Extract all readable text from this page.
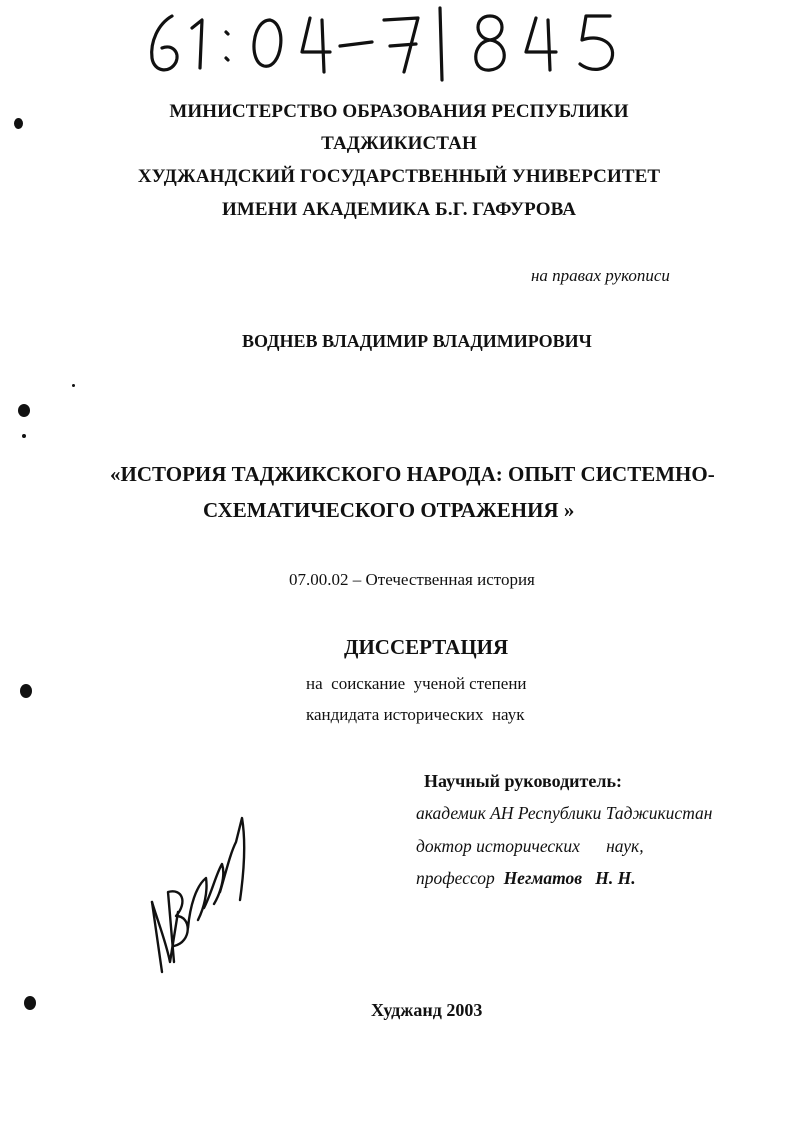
МИНИСТЕРСТВО ОБРАЗОВАНИЯ РЕСПУБЛИКИ
ТАДЖИКИСТАН
ХУДЖАНДСКИЙ ГОСУДАРСТВЕННЫЙ УНИВЕРСИТЕТ
ИМЕНИ АКАДЕМИКА Б.Г. ГАФУРОВА
на правах рукописи
ВОДНЕВ ВЛАДИМИР ВЛАДИМИРОВИЧ
«ИСТОРИЯ ТАДЖИКСКОГО НАРОДА: ОПЫТ СИСТЕМНО-
СХЕМАТИЧЕСКОГО ОТРАЖЕНИЯ »
07.00.02 – Отечественная история
ДИССЕРТАЦИЯ
на  соискание  ученой степени
кандидата исторических  наук
Научный руководитель:
академик АН Республики Таджикистан
доктор исторических      наук,
профессор Негматов   Н. Н.
Худжанд 2003
